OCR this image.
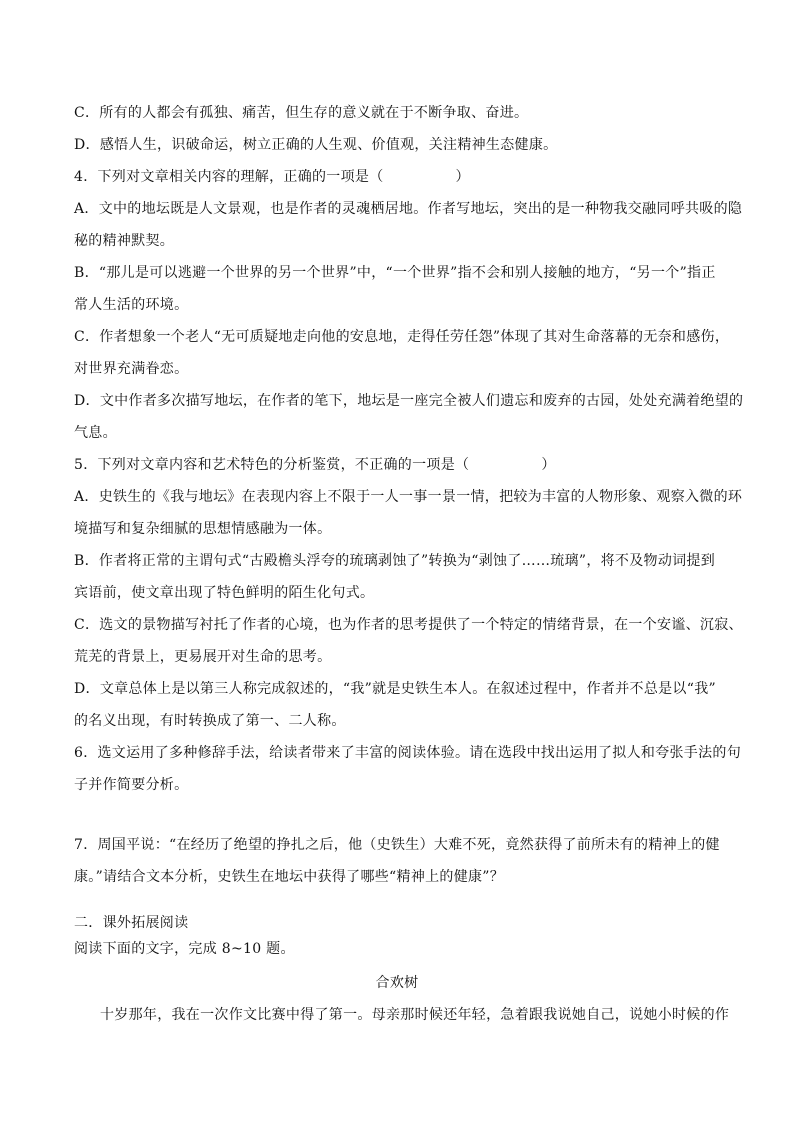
C．所有的人都会有孤独、痛苦，但生存的意义就在于不断争取、奋进。
D．感悟人生，识破命运，树立正确的人生观、价值观，关注精神生态健康。
4．下列对文章相关内容的理解，正确的一项是（	）
A．文中的地坛既是人文景观，也是作者的灵魂栖居地。作者写地坛，突出的是一种物我交融同呼共吸的隐
秘的精神默契。
B．“那儿是可以逃避一个世界的另一个世界”中，“一个世界”指不会和别人接触的地方，“另一个”指正
常人生活的环境。
C．作者想象一个老人“无可质疑地走向他的安息地，走得任劳任怨”体现了其对生命落幕的无奈和感伤，
对世界充满眷恋。
D．文中作者多次描写地坛，在作者的笔下，地坛是一座完全被人们遗忘和废弃的古园，处处充满着绝望的
气息。
5．下列对文章内容和艺术特色的分析鉴赏，不正确的一项是（	）
A．史铁生的《我与地坛》在表现内容上不限于一人一事一景一情，把较为丰富的人物形象、观察入微的环
境描写和复杂细腻的思想情感融为一体。
B．作者将正常的主谓句式“古殿檐头浮夸的琉璃剥蚀了”转换为“剥蚀了……琉璃”，将不及物动词提到
宾语前，使文章出现了特色鲜明的陌生化句式。
C．选文的景物描写衬托了作者的心境，也为作者的思考提供了一个特定的情绪背景，在一个安谧、沉寂、
荒芜的背景上，更易展开对生命的思考。
D．文章总体上是以第三人称完成叙述的，“我”就是史铁生本人。在叙述过程中，作者并不总是以“我”
的名义出现，有时转换成了第一、二人称。
6．选文运用了多种修辞手法，给读者带来了丰富的阅读体验。请在选段中找出运用了拟人和夸张手法的句
子并作简要分析。
7．周国平说：“在经历了绝望的挣扎之后，他（史铁生）大难不死，竟然获得了前所未有的精神上的健
康。”请结合文本分析，史铁生在地坛中获得了哪些“精神上的健康”？
二．课外拓展阅读
阅读下面的文字，完成 8~10 题。
合欢树
十岁那年，我在一次作文比赛中得了第一。母亲那时候还年轻，急着跟我说她自己，说她小时候的作
